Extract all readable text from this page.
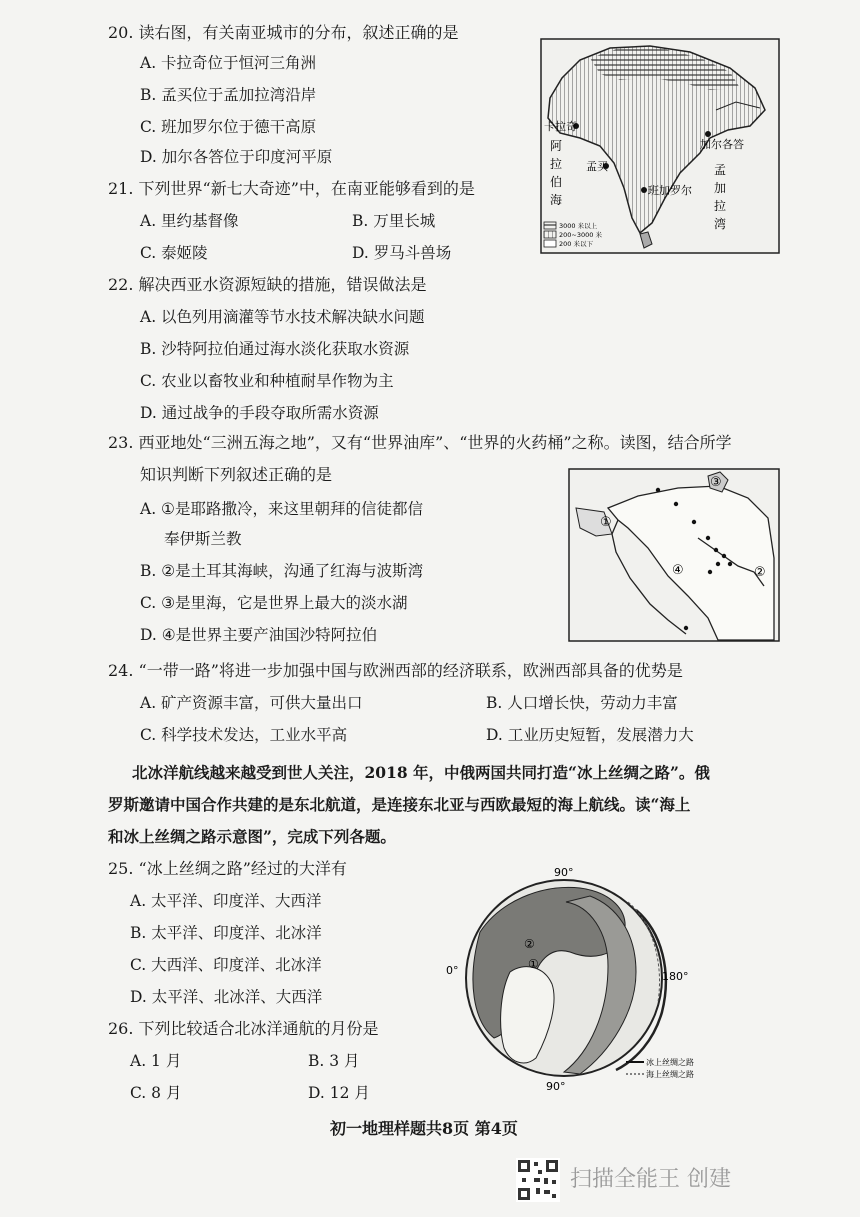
20. 读右图，有关南亚城市的分布，叙述正确的是
A. 卡拉奇位于恒河三角洲
B. 孟买位于孟加拉湾沿岸
C. 班加罗尔位于德干高原
D. 加尔各答位于印度河平原
21. 下列世界“新七大奇迹”中，在南亚能够看到的是
A. 里约基督像	B. 万里长城
C. 泰姬陵	D. 罗马斗兽场
22. 解决西亚水资源短缺的措施，错误做法是
A. 以色列用滴灌等节水技术解决缺水问题
B. 沙特阿拉伯通过海水淡化获取水资源
C. 农业以畜牧业和种植耐旱作物为主
D. 通过战争的手段夺取所需水资源
23. 西亚地处“三洲五海之地”，又有“世界油库”、“世界的火药桶”之称。读图，结合所学
知识判断下列叙述正确的是
A. ①是耶路撒冷，来这里朝拜的信徒都信
奉伊斯兰教
B. ②是土耳其海峡，沟通了红海与波斯湾
C. ③是里海，它是世界上最大的淡水湖
D. ④是世界主要产油国沙特阿拉伯
24. “一带一路”将进一步加强中国与欧洲西部的经济联系，欧洲西部具备的优势是
A. 矿产资源丰富，可供大量出口	B. 人口增长快，劳动力丰富
C. 科学技术发达，工业水平高	D. 工业历史短暂，发展潜力大
北冰洋航线越来越受到世人关注，2018 年，中俄两国共同打造“冰上丝绸之路”。俄
罗斯邀请中国合作共建的是东北航道，是连接东北亚与西欧最短的海上航线。读“海上
和冰上丝绸之路示意图”，完成下列各题。
25. “冰上丝绸之路”经过的大洋有
A. 太平洋、印度洋、大西洋
B. 太平洋、印度洋、北冰洋
C. 大西洋、印度洋、北冰洋
D. 太平洋、北冰洋、大西洋
26. 下列比较适合北冰洋通航的月份是
A. 1 月	B. 3 月
C. 8 月	D. 12 月
卡拉奇
阿
拉
伯
海
孟买
班加罗尔
加尔各答
孟
加
拉
湾
3000 米以上
200~3000 米
200 米以下
①
②
③
④
90°
0°	180°
90°
②
①
冰上丝绸之路
海上丝绸之路
初一地理样题共8页 第4页
扫描全能王 创建
